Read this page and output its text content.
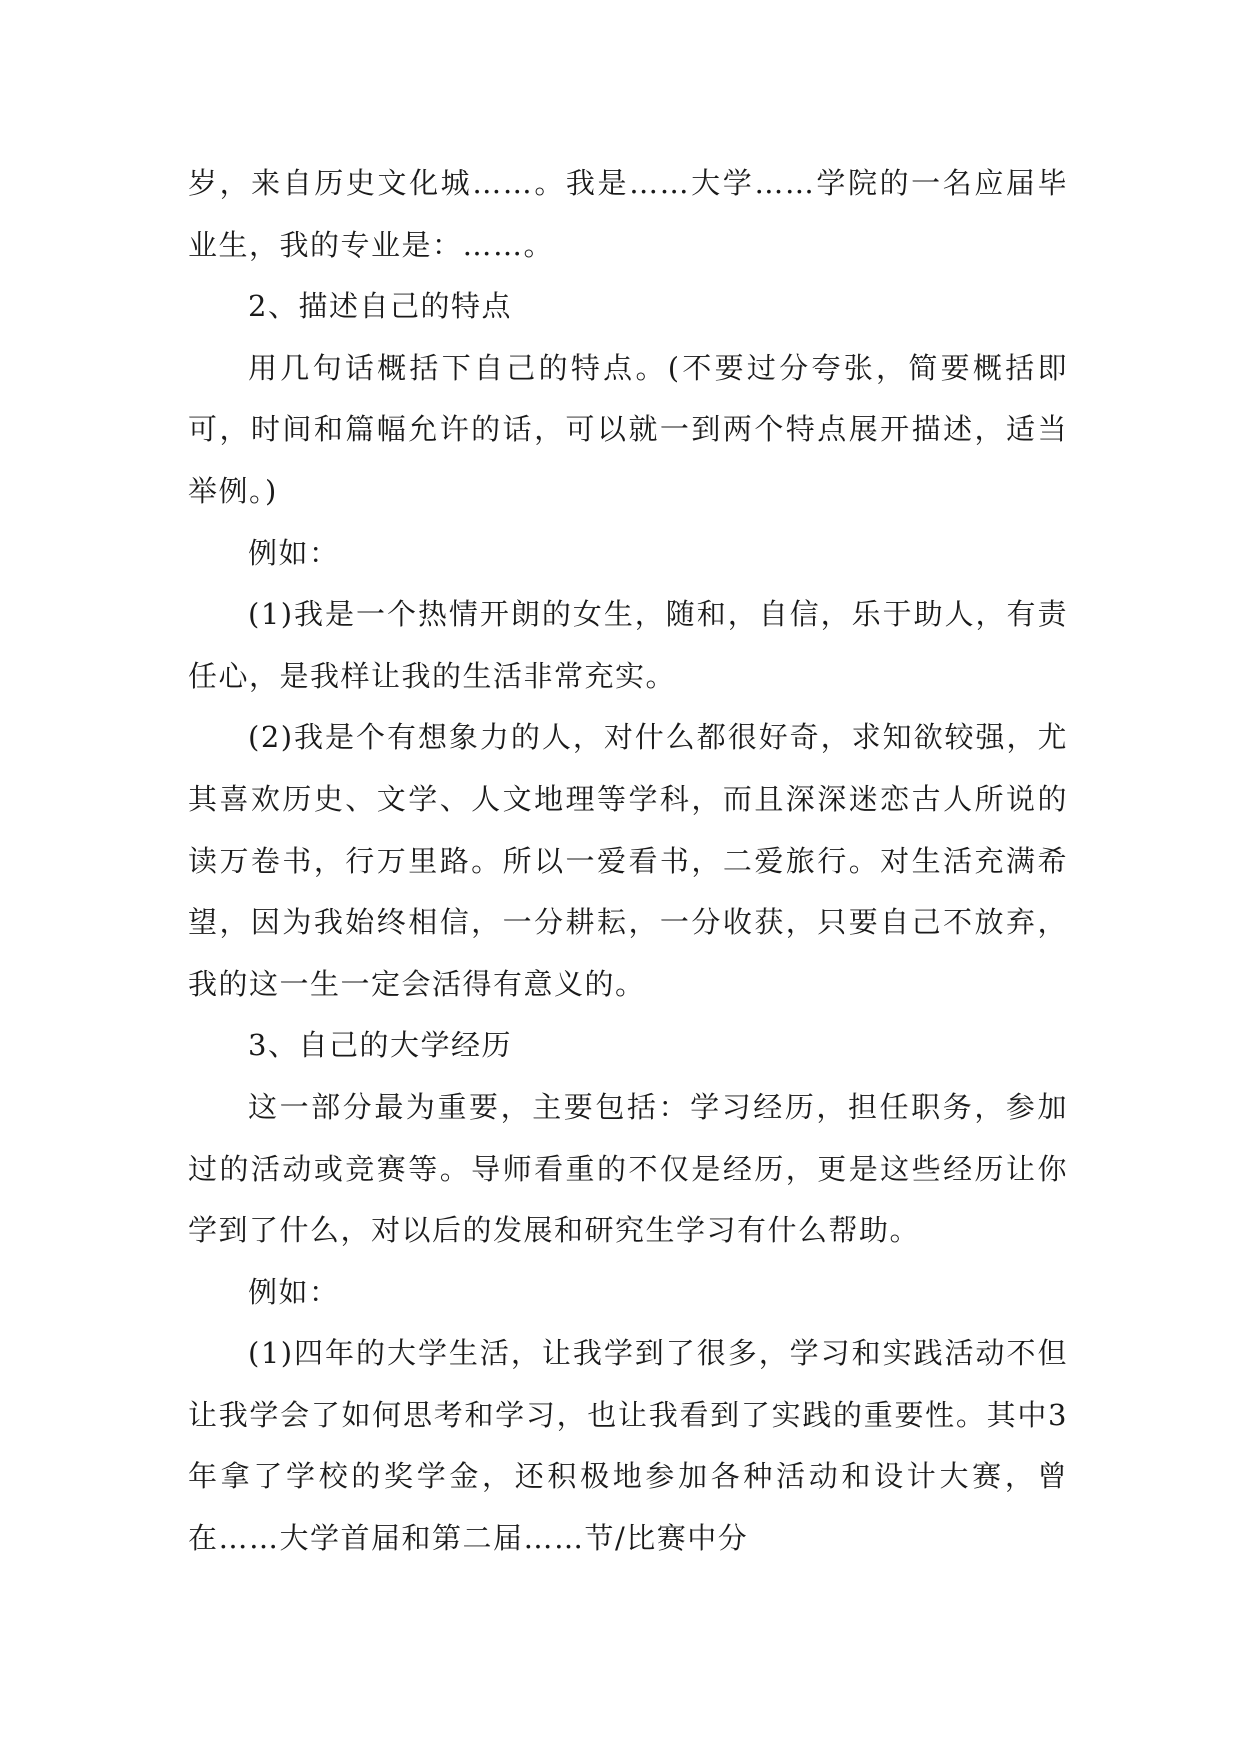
岁，来自历史文化城……。我是……大学……学院的一名应届毕业生，我的专业是：……。

2、描述自己的特点

用几句话概括下自己的特点。(不要过分夸张，简要概括即可，时间和篇幅允许的话，可以就一到两个特点展开描述，适当举例。)

例如：

(1)我是一个热情开朗的女生，随和，自信，乐于助人，有责任心，是我样让我的生活非常充实。

(2)我是个有想象力的人，对什么都很好奇，求知欲较强，尤其喜欢历史、文学、人文地理等学科，而且深深迷恋古人所说的读万卷书，行万里路。所以一爱看书，二爱旅行。对生活充满希望，因为我始终相信，一分耕耘，一分收获，只要自己不放弃，我的这一生一定会活得有意义的。

3、自己的大学经历

这一部分最为重要，主要包括：学习经历，担任职务，参加过的活动或竞赛等。导师看重的不仅是经历，更是这些经历让你学到了什么，对以后的发展和研究生学习有什么帮助。

例如：

(1)四年的大学生活，让我学到了很多，学习和实践活动不但让我学会了如何思考和学习，也让我看到了实践的重要性。其中3年拿了学校的奖学金，还积极地参加各种活动和设计大赛，曾在……大学首届和第二届……节/比赛中分
